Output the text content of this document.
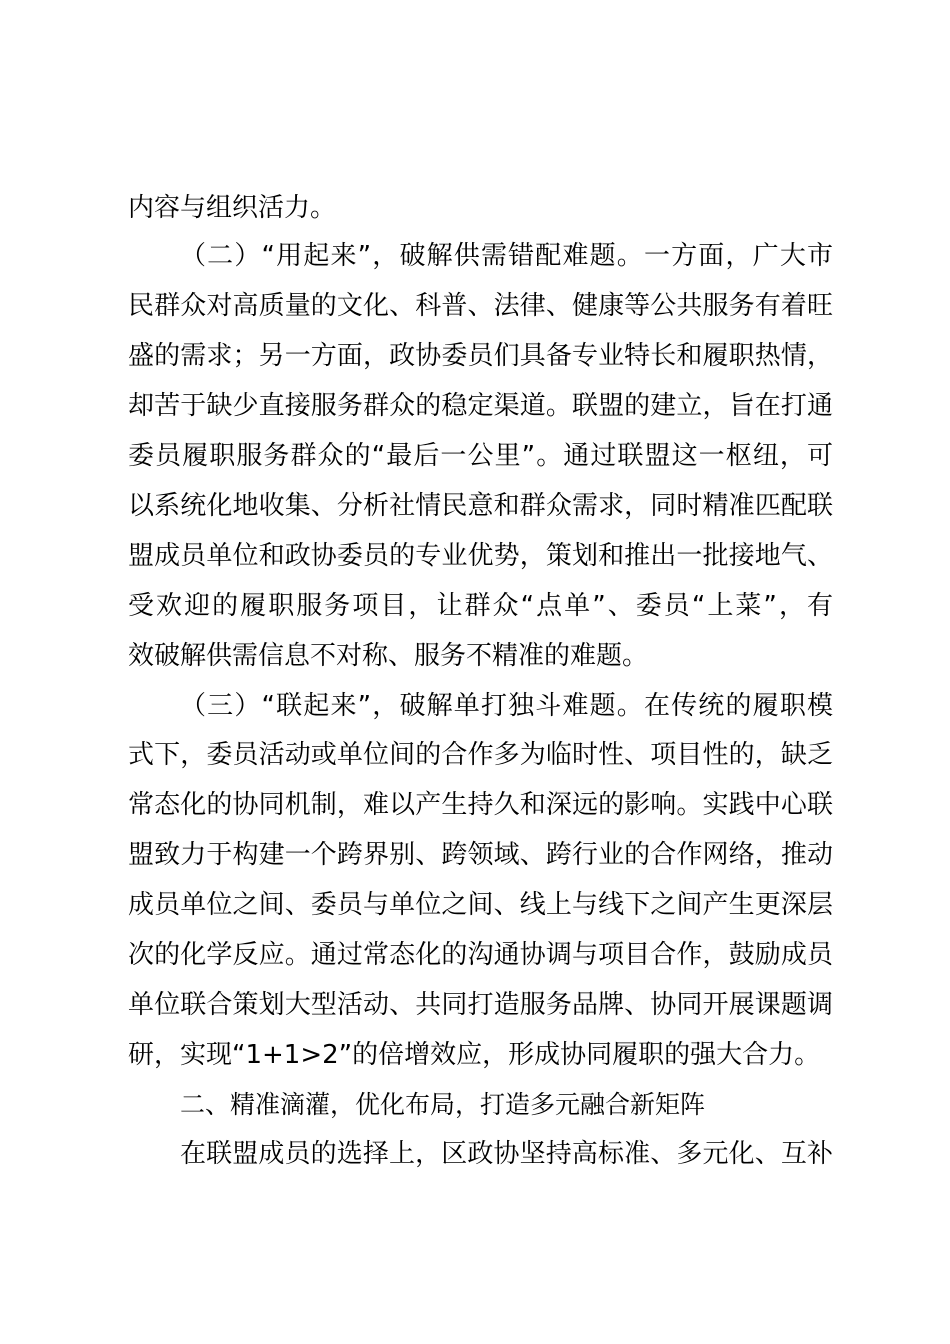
内容与组织活力。
（二）“用起来”，破解供需错配难题。一方面，广大市
民群众对高质量的文化、科普、法律、健康等公共服务有着旺
盛的需求；另一方面，政协委员们具备专业特长和履职热情，
却苦于缺少直接服务群众的稳定渠道。联盟的建立，旨在打通
委员履职服务群众的“最后一公里”。通过联盟这一枢纽，可
以系统化地收集、分析社情民意和群众需求，同时精准匹配联
盟成员单位和政协委员的专业优势，策划和推出一批接地气、
受欢迎的履职服务项目，让群众“点单”、委员“上菜”，有
效破解供需信息不对称、服务不精准的难题。
（三）“联起来”，破解单打独斗难题。在传统的履职模
式下，委员活动或单位间的合作多为临时性、项目性的，缺乏
常态化的协同机制，难以产生持久和深远的影响。实践中心联
盟致力于构建一个跨界别、跨领域、跨行业的合作网络，推动
成员单位之间、委员与单位之间、线上与线下之间产生更深层
次的化学反应。通过常态化的沟通协调与项目合作，鼓励成员
单位联合策划大型活动、共同打造服务品牌、协同开展课题调
研，实现“1+1>2”的倍增效应，形成协同履职的强大合力。
二、精准滴灌，优化布局，打造多元融合新矩阵
在联盟成员的选择上，区政协坚持高标准、多元化、互补
